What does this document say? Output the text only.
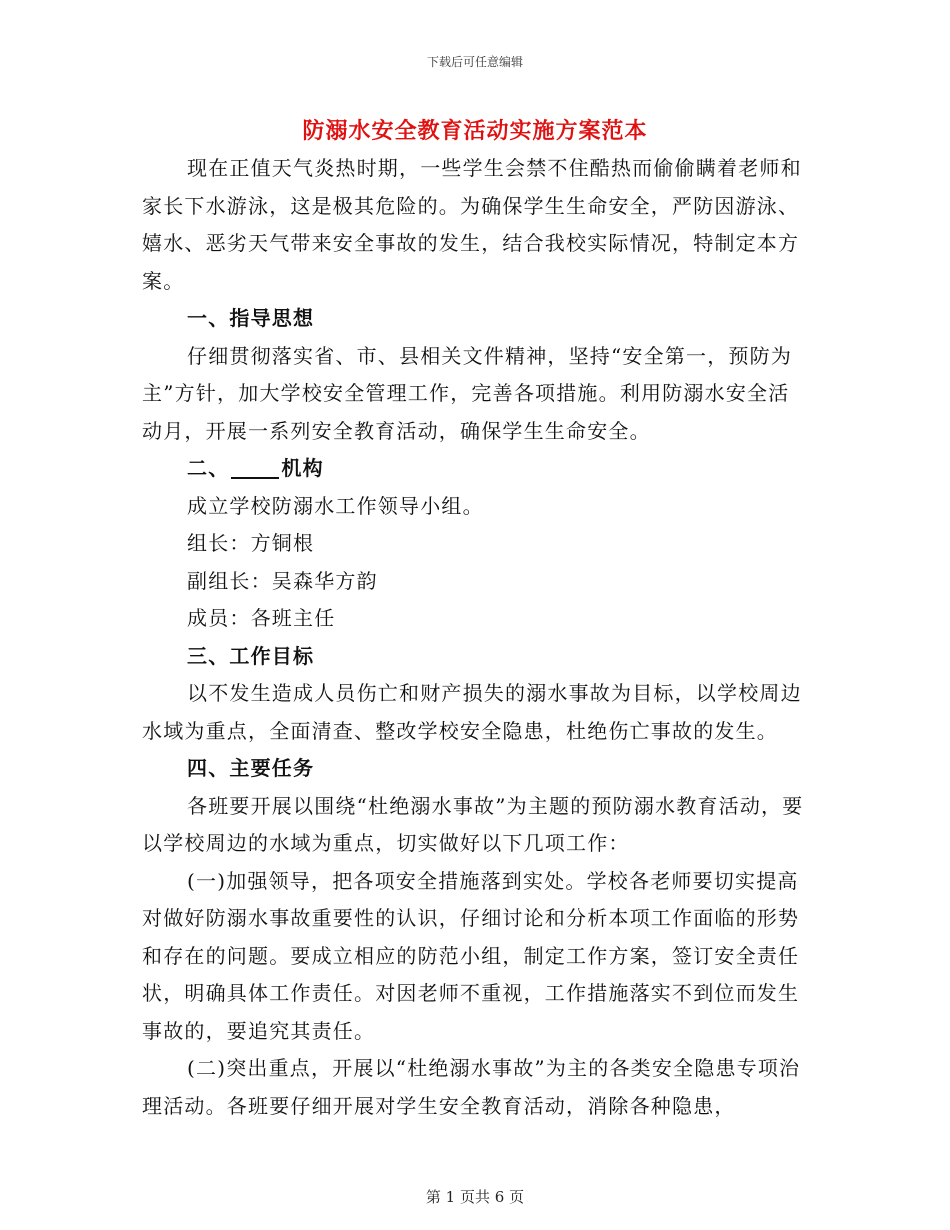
下载后可任意编辑
防溺水安全教育活动实施方案范本

现在正值天气炎热时期，一些学生会禁不住酷热而偷偷瞒着老师和家长下水游泳，这是极其危险的。为确保学生生命安全，严防因游泳、嬉水、恶劣天气带来安全事故的发生，结合我校实际情况，特制定本方案。

一、指导思想

仔细贯彻落实省、市、县相关文件精神，坚持“安全第一，预防为主”方针，加大学校安全管理工作，完善各项措施。利用防溺水安全活动月，开展一系列安全教育活动，确保学生生命安全。

二、	机构

成立学校防溺水工作领导小组。

组长：方铜根

副组长：吴森华方韵

成员：各班主任

三、工作目标

以不发生造成人员伤亡和财产损失的溺水事故为目标，以学校周边水域为重点，全面清查、整改学校安全隐患，杜绝伤亡事故的发生。

四、主要任务

各班要开展以围绕“杜绝溺水事故”为主题的预防溺水教育活动，要以学校周边的水域为重点，切实做好以下几项工作：

(一)加强领导，把各项安全措施落到实处。学校各老师要切实提高对做好防溺水事故重要性的认识，仔细讨论和分析本项工作面临的形势和存在的问题。要成立相应的防范小组，制定工作方案，签订安全责任状，明确具体工作责任。对因老师不重视，工作措施落实不到位而发生事故的，要追究其责任。

(二)突出重点，开展以“杜绝溺水事故”为主的各类安全隐患专项治理活动。各班要仔细开展对学生安全教育活动，消除各种隐患，

第 1 页共 6 页
